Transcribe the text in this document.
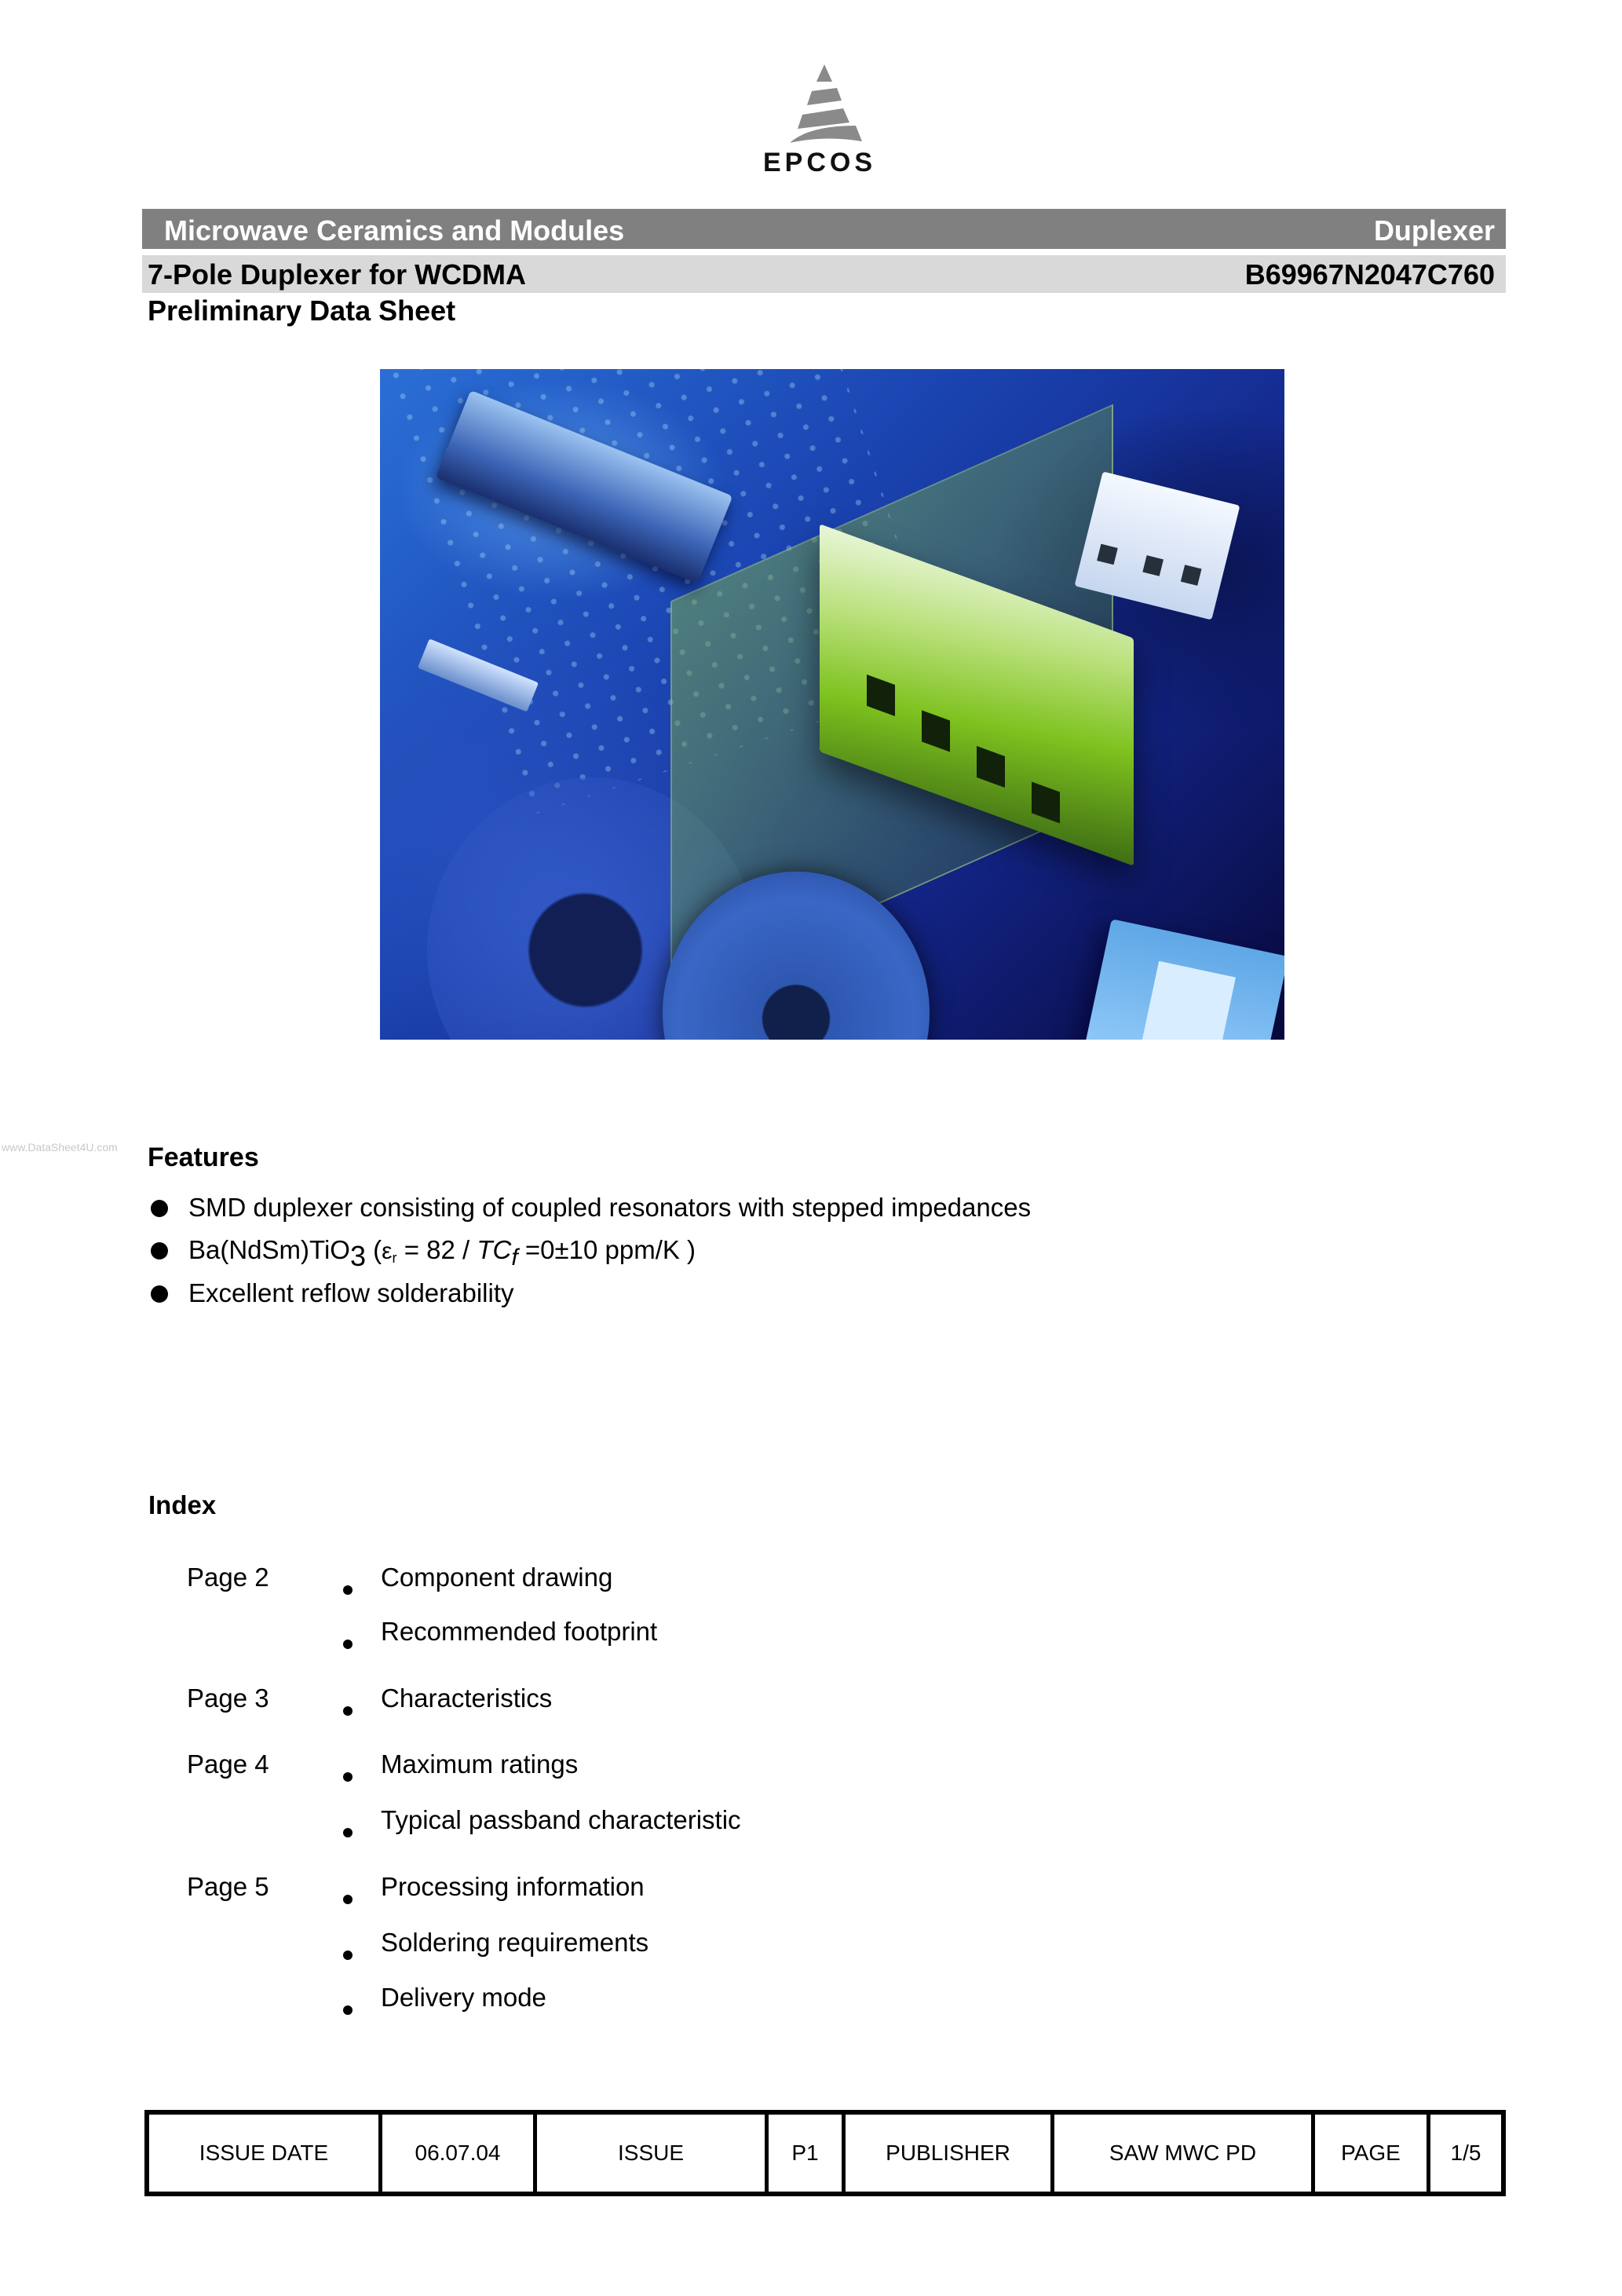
EPCOS
Microwave Ceramics and Modules	Duplexer
7-Pole Duplexer for WCDMA	B69967N2047C760
Preliminary Data Sheet
www.DataSheet4U.com Features
SMD duplexer consisting of coupled resonators with stepped impedances
Ba(NdSm)TiO$_3$ ($\varepsilon_r = 82 / TC_f =0\pm 10$ ppm/K )
Excellent reflow solderability
Index
Page 2	Component drawing
Recommended footprint
Page 3	Characteristics
Page 4	Maximum ratings
Typical passband characteristic
Page 5	Processing information
Soldering requirements
Delivery mode
ISSUE DATE	06.07.04	ISSUE	P1	PUBLISHER	SAW MWC PD	PAGE	1/5
